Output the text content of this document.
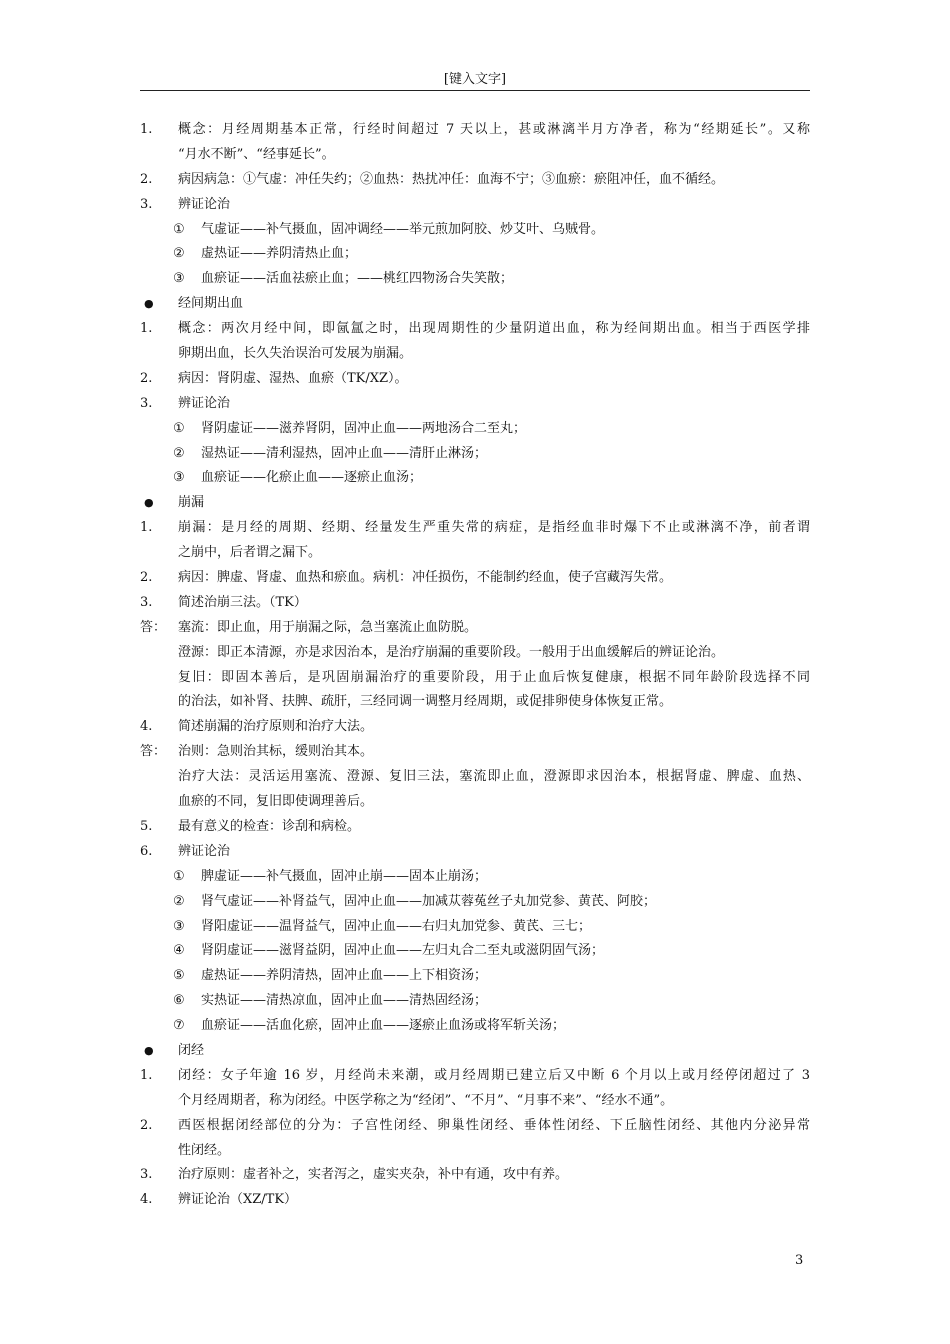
[键入文字]
1. 概念：月经周期基本正常，行经时间超过 7 天以上，甚或淋漓半月方净者，称为“经期延长”。又称
“月水不断”、“经事延长”。
2. 病因病急：①气虚：冲任失约；②血热：热扰冲任：血海不宁；③血瘀：瘀阻冲任，血不循经。
3. 辨证论治
① 气虚证——补气摄血，固冲调经——举元煎加阿胶、炒艾叶、乌贼骨。
② 虚热证——养阴清热止血；
③ 血瘀证——活血祛瘀止血；——桃红四物汤合失笑散；
● 经间期出血
1. 概念：两次月经中间，即氤氲之时，出现周期性的少量阴道出血，称为经间期出血。相当于西医学排
卵期出血，长久失治误治可发展为崩漏。
2. 病因：肾阴虚、湿热、血瘀（TK/XZ）。
3. 辨证论治
① 肾阴虚证——滋养肾阴，固冲止血——两地汤合二至丸；
② 湿热证——清利湿热，固冲止血——清肝止淋汤；
③ 血瘀证——化瘀止血——逐瘀止血汤；
● 崩漏
1. 崩漏：是月经的周期、经期、经量发生严重失常的病症，是指经血非时爆下不止或淋漓不净，前者谓
之崩中，后者谓之漏下。
2. 病因：脾虚、肾虚、血热和瘀血。病机：冲任损伤，不能制约经血，使子宫藏泻失常。
3. 简述治崩三法。（TK）
答： 塞流：即止血，用于崩漏之际，急当塞流止血防脱。
澄源：即正本清源，亦是求因治本，是治疗崩漏的重要阶段。一般用于出血缓解后的辨证论治。
复旧：即固本善后，是巩固崩漏治疗的重要阶段，用于止血后恢复健康，根据不同年龄阶段选择不同
的治法，如补肾、扶脾、疏肝，三经同调一调整月经周期，或促排卵使身体恢复正常。
4. 简述崩漏的治疗原则和治疗大法。
答： 治则：急则治其标，缓则治其本。
治疗大法：灵活运用塞流、澄源、复旧三法，塞流即止血，澄源即求因治本，根据肾虚、脾虚、血热、
血瘀的不同，复旧即使调理善后。
5. 最有意义的检查：诊刮和病检。
6. 辨证论治
① 脾虚证——补气摄血，固冲止崩——固本止崩汤；
② 肾气虚证——补肾益气，固冲止血——加减苁蓉菟丝子丸加党参、黄芪、阿胶；
③ 肾阳虚证——温肾益气，固冲止血——右归丸加党参、黄芪、三七；
④ 肾阴虚证——滋肾益阴，固冲止血——左归丸合二至丸或滋阴固气汤；
⑤ 虚热证——养阴清热，固冲止血——上下相资汤；
⑥ 实热证——清热凉血，固冲止血——清热固经汤；
⑦ 血瘀证——活血化瘀，固冲止血——逐瘀止血汤或将军斩关汤；
● 闭经
1. 闭经：女子年逾 16 岁，月经尚未来潮，或月经周期已建立后又中断 6 个月以上或月经停闭超过了 3
个月经周期者，称为闭经。中医学称之为“经闭”、“不月”、“月事不来”、“经水不通”。
2. 西医根据闭经部位的分为：子宫性闭经、卵巢性闭经、垂体性闭经、下丘脑性闭经、其他内分泌异常
性闭经。
3. 治疗原则：虚者补之，实者泻之，虚实夹杂，补中有通，攻中有养。
4. 辨证论治（XZ/TK）
3
